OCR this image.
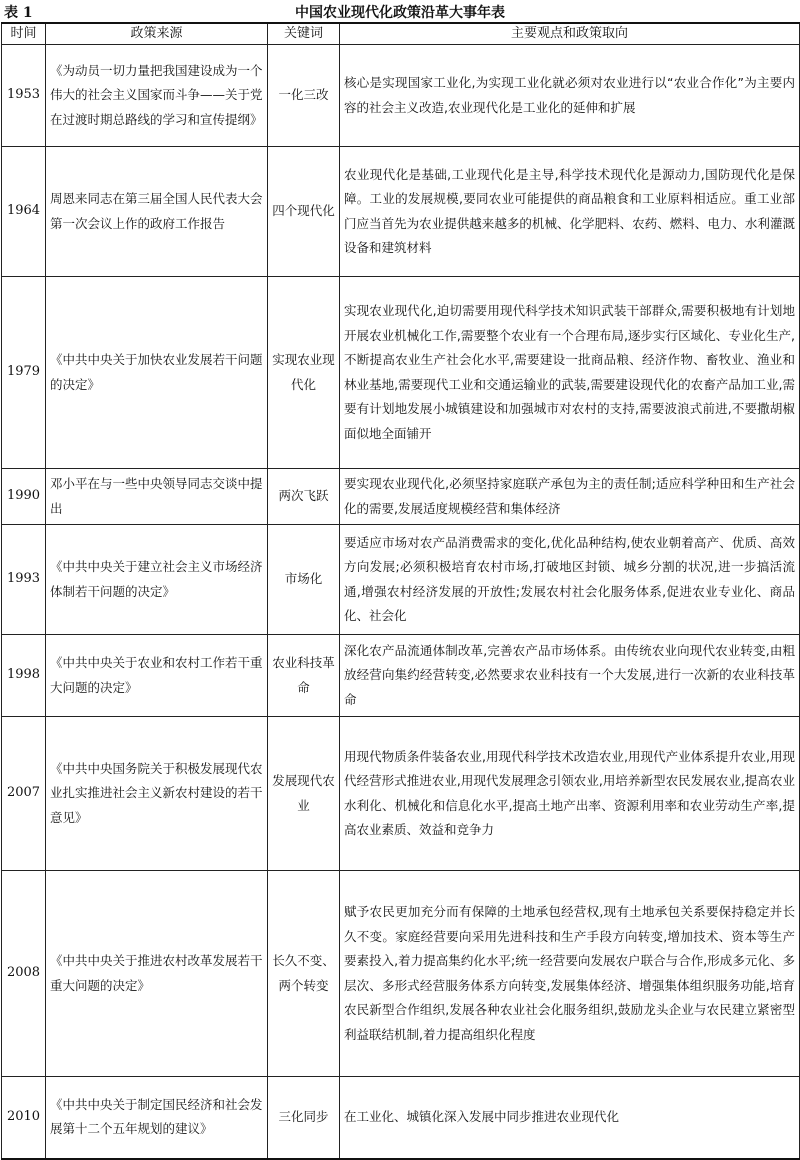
表 1	中国农业现代化政策沿革大事年表
时间	政策来源	关键词	主要观点和政策取向
1953	《为动员一切力量把我国建设成为一个伟大的社会主义国家而斗争——关于党在过渡时期总路线的学习和宣传提纲》	一化三改	核心是实现国家工业化,为实现工业化就必须对农业进行以“农业合作化”为主要内容的社会主义改造,农业现代化是工业化的延伸和扩展
1964	周恩来同志在第三届全国人民代表大会第一次会议上作的政府工作报告	四个现代化	农业现代化是基础,工业现代化是主导,科学技术现代化是源动力,国防现代化是保障。工业的发展规模,要同农业可能提供的商品粮食和工业原料相适应。重工业部门应当首先为农业提供越来越多的机械、化学肥料、农药、燃料、电力、水利灌溉设备和建筑材料
1979	《中共中央关于加快农业发展若干问题的决定》	实现农业现代化	实现农业现代化,迫切需要用现代科学技术知识武装干部群众,需要积极地有计划地开展农业机械化工作,需要整个农业有一个合理布局,逐步实行区域化、专业化生产,不断提高农业生产社会化水平,需要建设一批商品粮、经济作物、畜牧业、渔业和林业基地,需要现代工业和交通运输业的武装,需要建设现代化的农畜产品加工业,需要有计划地发展小城镇建设和加强城市对农村的支持,需要波浪式前进,不要撒胡椒面似地全面铺开
1990	邓小平在与一些中央领导同志交谈中提出	两次飞跃	要实现农业现代化,必须坚持家庭联产承包为主的责任制;适应科学种田和生产社会化的需要,发展适度规模经营和集体经济
1993	《中共中央关于建立社会主义市场经济体制若干问题的决定》	市场化	要适应市场对农产品消费需求的变化,优化品种结构,使农业朝着高产、优质、高效方向发展;必须积极培育农村市场,打破地区封锁、城乡分割的状况,进一步搞活流通,增强农村经济发展的开放性;发展农村社会化服务体系,促进农业专业化、商品化、社会化
1998	《中共中央关于农业和农村工作若干重大问题的决定》	农业科技革命	深化农产品流通体制改革,完善农产品市场体系。由传统农业向现代农业转变,由粗放经营向集约经营转变,必然要求农业科技有一个大发展,进行一次新的农业科技革命
2007	《中共中央国务院关于积极发展现代农业扎实推进社会主义新农村建设的若干意见》	发展现代农业	用现代物质条件装备农业,用现代科学技术改造农业,用现代产业体系提升农业,用现代经营形式推进农业,用现代发展理念引领农业,用培养新型农民发展农业,提高农业水利化、机械化和信息化水平,提高土地产出率、资源利用率和农业劳动生产率,提高农业素质、效益和竞争力
2008	《中共中央关于推进农村改革发展若干重大问题的决定》	长久不变、两个转变	赋予农民更加充分而有保障的土地承包经营权,现有土地承包关系要保持稳定并长久不变。家庭经营要向采用先进科技和生产手段方向转变,增加技术、资本等生产要素投入,着力提高集约化水平;统一经营要向发展农户联合与合作,形成多元化、多层次、多形式经营服务体系方向转变,发展集体经济、增强集体组织服务功能,培育农民新型合作组织,发展各种农业社会化服务组织,鼓励龙头企业与农民建立紧密型利益联结机制,着力提高组织化程度
2010	《中共中央关于制定国民经济和社会发展第十二个五年规划的建议》	三化同步	在工业化、城镇化深入发展中同步推进农业现代化
